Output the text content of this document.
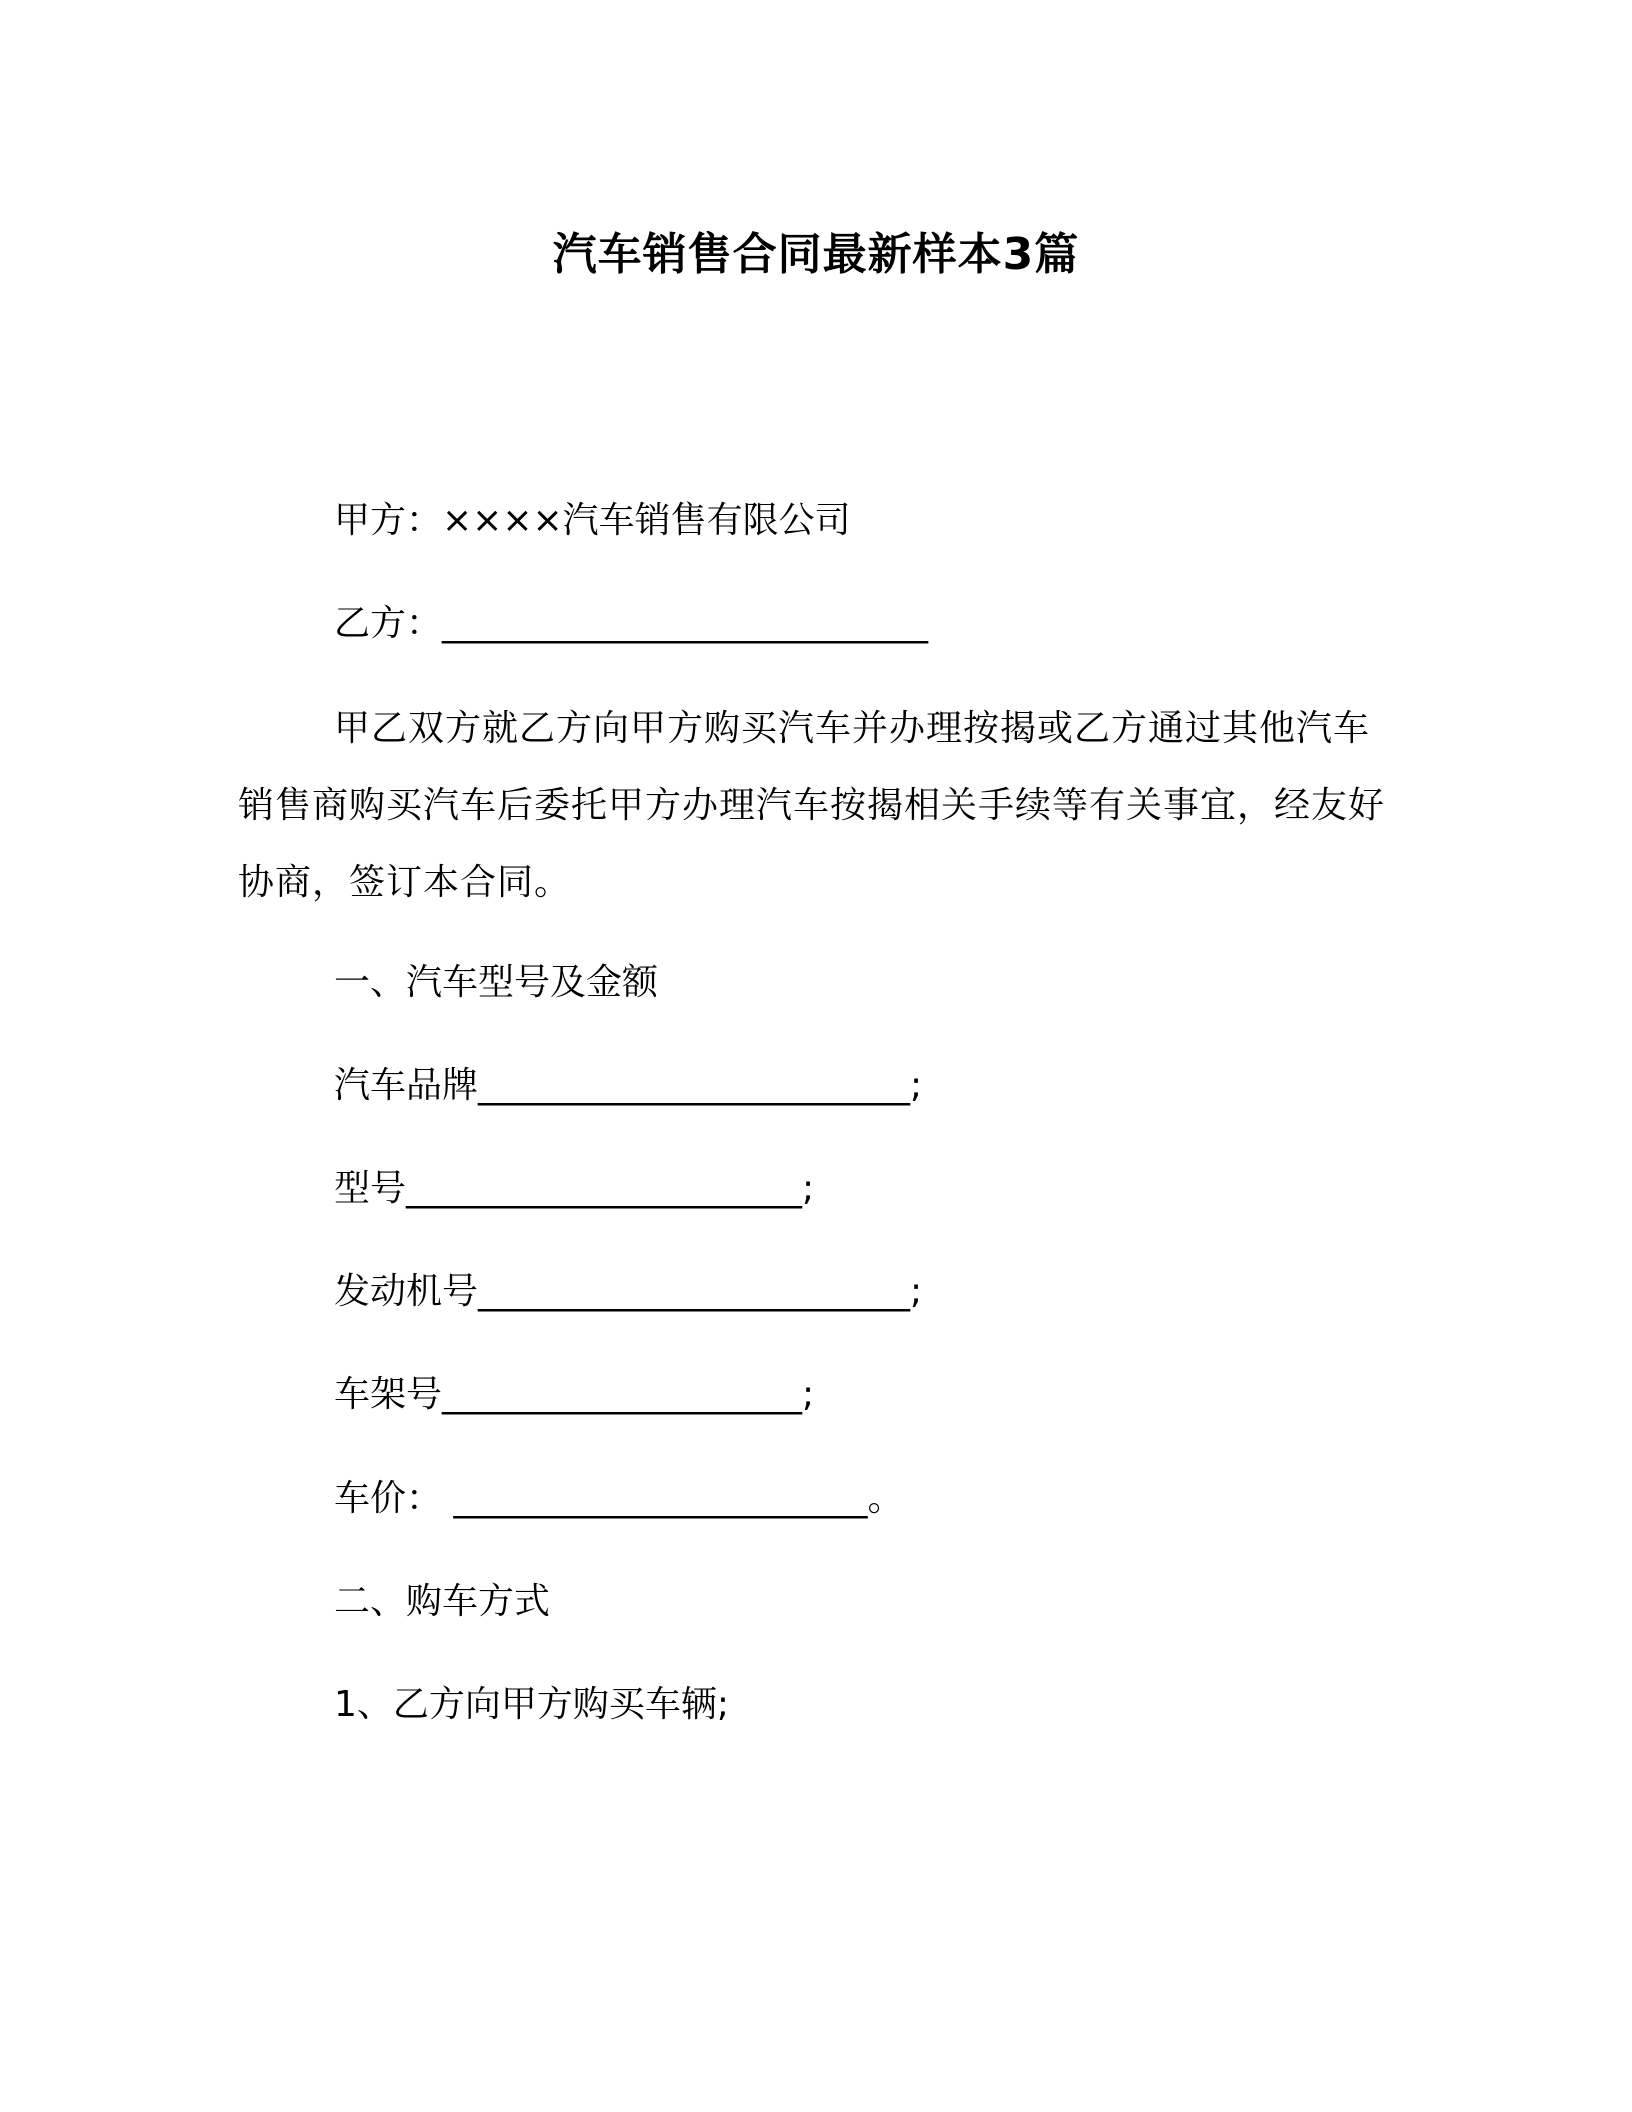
汽车销售合同最新样本3篇
甲方：××××汽车销售有限公司
乙方：___________________________
甲乙双方就乙方向甲方购买汽车并办理按揭或乙方通过其他汽车销售商购买汽车后委托甲方办理汽车按揭相关手续等有关事宜，经友好协商，签订本合同。
一、汽车型号及金额
汽车品牌________________________;
型号______________________;
发动机号________________________;
车架号____________________;
车价： _______________________。
二、购车方式
1、乙方向甲方购买车辆;
